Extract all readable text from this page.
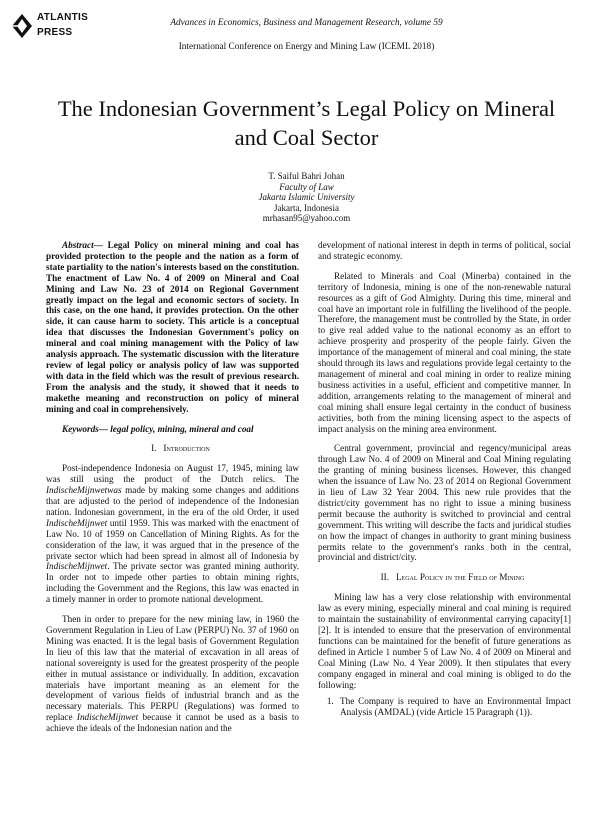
ATLANTIS
PRESS
Advances in Economics, Business and Management Research, volume 59
International Conference on Energy and Mining Law (ICEML 2018)
The Indonesian Government’s Legal Policy on Mineral and Coal Sector
T. Saiful Bahri Johan
Faculty of Law
Jakarta Islamic University
Jakarta, Indonesia
mrhasan95@yahoo.com

Abstract— Legal Policy on mineral mining and coal has provided protection to the people and the nation as a form of state partiality to the nation's interests based on the constitution. The enactment of Law No. 4 of 2009 on Mineral and Coal Mining and Law No. 23 of 2014 on Regional Government greatly impact on the legal and economic sectors of society. In this case, on the one hand, it provides protection. On the other side, it can cause harm to society. This article is a conceptual idea that discusses the Indonesian Government's policy on mineral and coal mining management with the Policy of law analysis approach. The systematic discussion with the literature review of legal policy or analysis policy of law was supported with data in the field which was the result of previous research. From the analysis and the study, it showed that it needs to makethe meaning and reconstruction on policy of mineral mining and coal in comprehensively.

Keywords— legal policy, mining, mineral and coal

I. Introduction

Post-independence Indonesia on August 17, 1945, mining law was still using the product of the Dutch relics. The IndischeMijnwetwas made by making some changes and additions that are adjusted to the period of independence of the Indonesian nation. Indonesian government, in the era of the old Order, it used IndischeMijnwet until 1959. This was marked with the enactment of Law No. 10 of 1959 on Cancellation of Mining Rights. As for the consideration of the law, it was argued that in the presence of the private sector which had been spread in almost all of Indonesia by IndischeMijnwet. The private sector was granted mining authority. In order not to impede other parties to obtain mining rights, including the Government and the Regions, this law was enacted in a timely manner in order to promote national development.

Then in order to prepare for the new mining law, in 1960 the Government Regulation in Lieu of Law (PERPU) No. 37 of 1960 on Mining was enacted. It is the legal basis of Government Regulation In lieu of this law that the material of excavation in all areas of national sovereignty is used for the greatest prosperity of the people either in mutual assistance or individually. In addition, excavation materials have important meaning as an element for the development of various fields of industrial branch and as the necessary materials. This PERPU (Regulations) was formed to replace IndischeMijnwet because it cannot be used as a basis to achieve the ideals of the Indonesian nation and the

development of national interest in depth in terms of political, social and strategic economy.

Related to Minerals and Coal (Minerba) contained in the territory of Indonesia, mining is one of the non-renewable natural resources as a gift of God Almighty. During this time, mineral and coal have an important role in fulfilling the livelihood of the people. Therefore, the management must be controlled by the State, in order to give real added value to the national economy as an effort to achieve prosperity and prosperity of the people fairly. Given the importance of the management of mineral and coal mining, the state should through its laws and regulations provide legal certainty to the management of mineral and coal mining in order to realize mining business activities in a useful, efficient and competitive manner. In addition, arrangements relating to the management of mineral and coal mining shall ensure legal certainty in the conduct of business activities, both from the mining licensing aspect to the aspects of impact analysis on the mining area environment.

Central government, provincial and regency/municipal areas through Law No. 4 of 2009 on Mineral and Coal Mining regulating the granting of mining business licenses. However, this changed when the issuance of Law No. 23 of 2014 on Regional Government in lieu of Law 32 Year 2004. This new rule provides that the district/city government has no right to issue a mining business permit because the authority is switched to provincial and central government. This writing will describe the facts and juridical studies on how the impact of changes in authority to grant mining business permits relate to the government's ranks both in the central, provincial and district/city.

II. Legal Policy in the Field of Mining

Mining law has a very close relationship with environmental law as every mining, especially mineral and coal mining is required to maintain the sustainability of environmental carrying capacity[1][2]. It is intended to ensure that the preservation of environmental functions can be maintained for the benefit of future generations as defined in Article 1 number 5 of Law No. 4 of 2009 on Mineral and Coal Mining (Law No. 4 Year 2009). It then stipulates that every company engaged in mineral and coal mining is obliged to do the following:

1. The Company is required to have an Environmental Impact Analysis (AMDAL) (vide Article 15 Paragraph (1)).
